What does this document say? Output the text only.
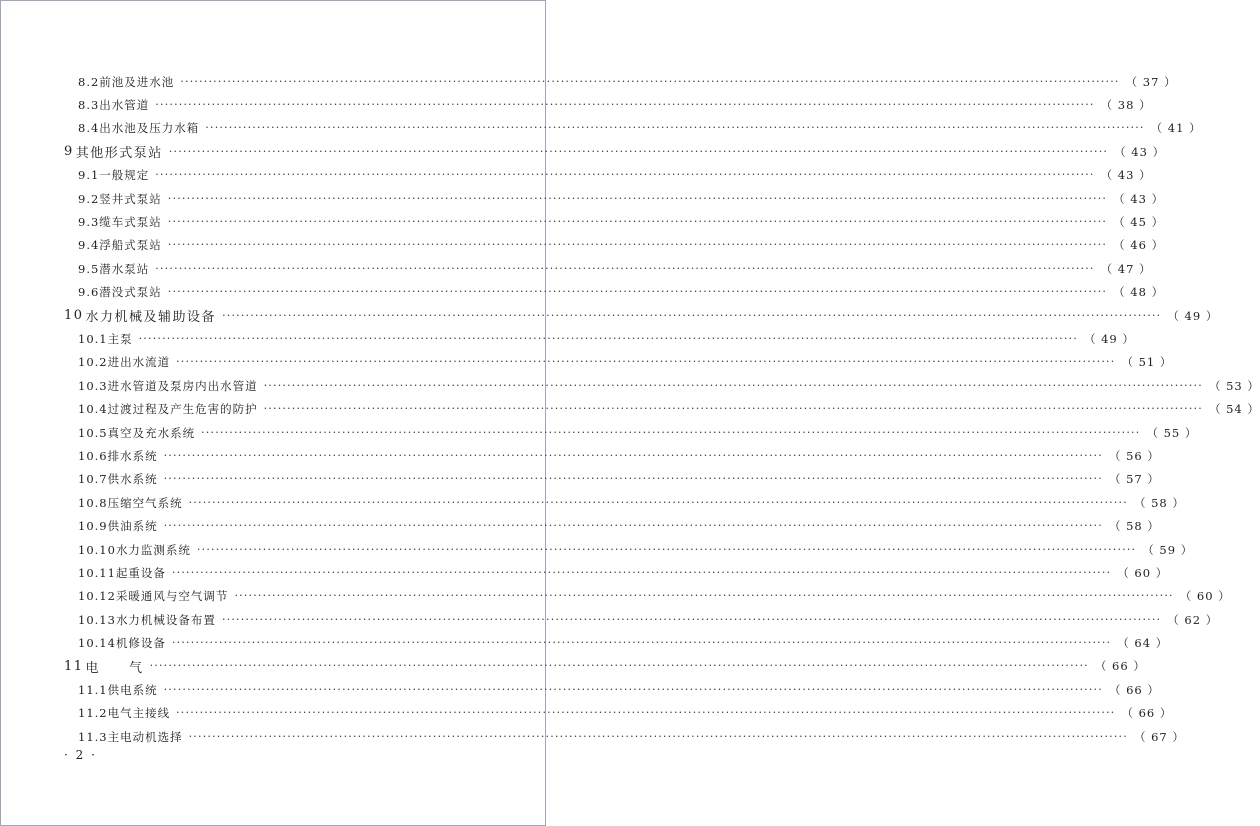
8.2 前池及进水池 ········································································································································································································ （ 37 ）
8.3 出水管道 ········································································································································································································ （ 38 ）
8.4 出水池及压力水箱 ········································································································································································································ （ 41 ）
9 其他形式泵站 ········································································································································································································ （ 43 ）
9.1 一般规定 ········································································································································································································ （ 43 ）
9.2 竖井式泵站 ········································································································································································································ （ 43 ）
9.3 缆车式泵站 ········································································································································································································ （ 45 ）
9.4 浮船式泵站 ········································································································································································································ （ 46 ）
9.5 潜水泵站 ········································································································································································································ （ 47 ）
9.6 潜没式泵站 ········································································································································································································ （ 48 ）
10 水力机械及辅助设备 ········································································································································································································ （ 49 ）
10.1 主泵 ········································································································································································································ （ 49 ）
10.2 进出水流道 ········································································································································································································ （ 51 ）
10.3 进水管道及泵房内出水管道 ········································································································································································································ （ 53 ）
10.4 过渡过程及产生危害的防护 ········································································································································································································ （ 54 ）
10.5 真空及充水系统 ········································································································································································································ （ 55 ）
10.6 排水系统 ········································································································································································································ （ 56 ）
10.7 供水系统 ········································································································································································································ （ 57 ）
10.8 压缩空气系统 ········································································································································································································ （ 58 ）
10.9 供油系统 ········································································································································································································ （ 58 ）
10.10 水力监测系统 ········································································································································································································ （ 59 ）
10.11 起重设备 ········································································································································································································ （ 60 ）
10.12 采暖通风与空气调节 ········································································································································································································ （ 60 ）
10.13 水力机械设备布置 ········································································································································································································ （ 62 ）
10.14 机修设备 ········································································································································································································ （ 64 ）
11 电　　气 ········································································································································································································ （ 66 ）
11.1 供电系统 ········································································································································································································ （ 66 ）
11.2 电气主接线 ········································································································································································································ （ 66 ）
11.3 主电动机选择 ········································································································································································································ （ 67 ）
· 2 ·
